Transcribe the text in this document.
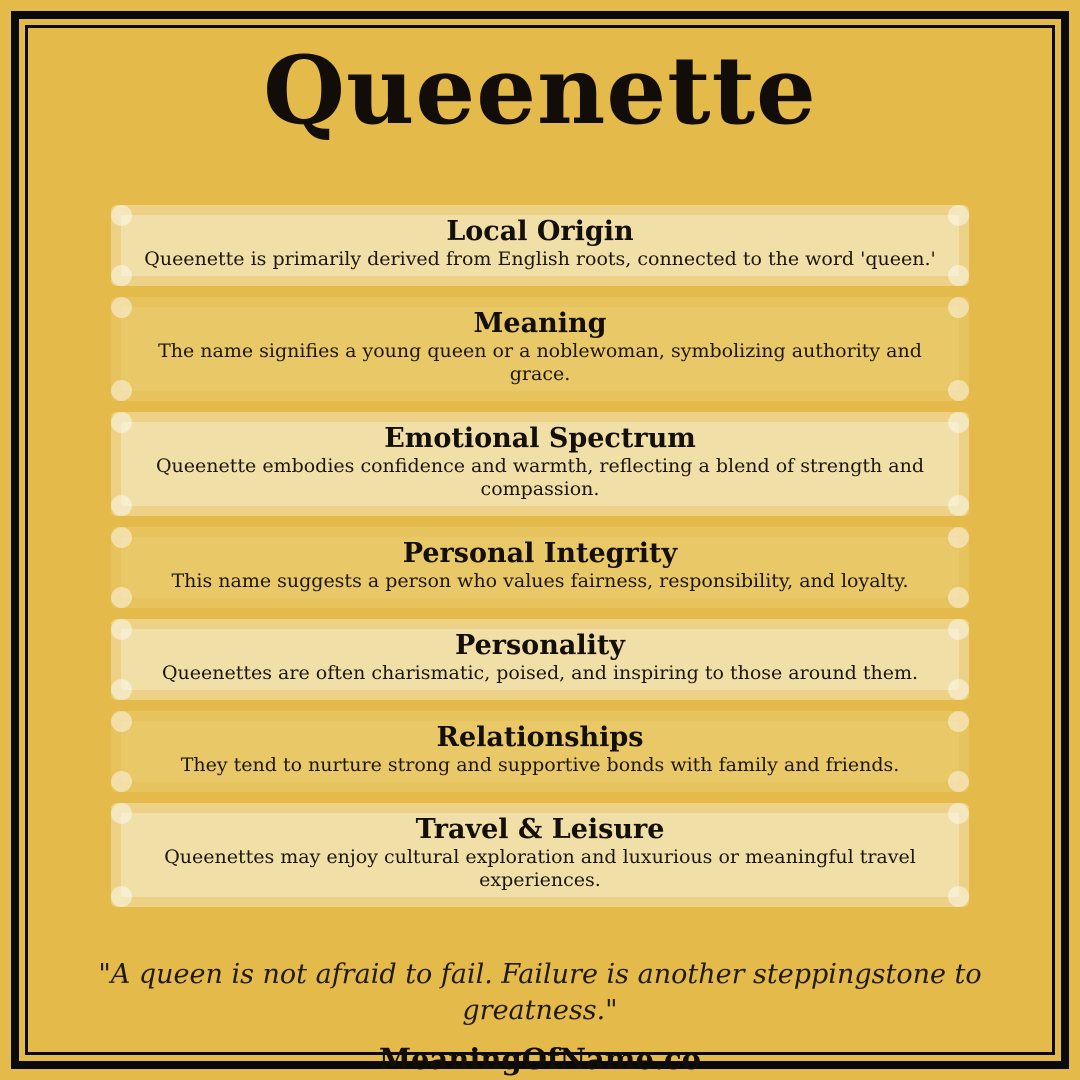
Queenette
Local Origin

Queenette is primarily derived from English roots, connected to the word 'queen.'

Meaning

The name signifies a young queen or a noblewoman, symbolizing authority and grace.

Emotional Spectrum

Queenette embodies confidence and warmth, reflecting a blend of strength and compassion.

Personal Integrity

This name suggests a person who values fairness, responsibility, and loyalty.

Personality

Queenettes are often charismatic, poised, and inspiring to those around them.

Relationships

They tend to nurture strong and supportive bonds with family and friends.

Travel & Leisure

Queenettes may enjoy cultural exploration and luxurious or meaningful travel experiences.

"A queen is not afraid to fail. Failure is another steppingstone to greatness."
MeaningOfName.co
